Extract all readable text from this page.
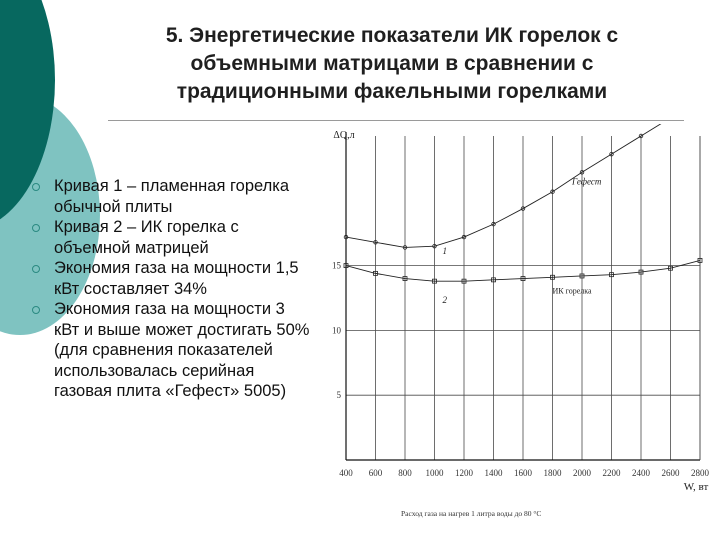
5. Энергетические показатели ИК горелок с объемными матрицами в сравнении с традиционными факельными горелками
Кривая 1 – пламенная горелка обычной плиты
Кривая 2 – ИК горелка с объемной матрицей
Экономия газа на мощности 1,5 кВт составляет 34%
Экономия газа на мощности 3 кВт и выше может достигать 50%
(для сравнения показателей использовалась серийная газовая плита «Гефест» 5005)
400 600 800 1000 1200 1400 1600 1800 2000 2200 2400 2600 2800
5
10
15
ΔQ,л
W, вт
Гефест
ИК горелка
1
2
Расход газа на нагрев 1 литра воды до 80 °С
